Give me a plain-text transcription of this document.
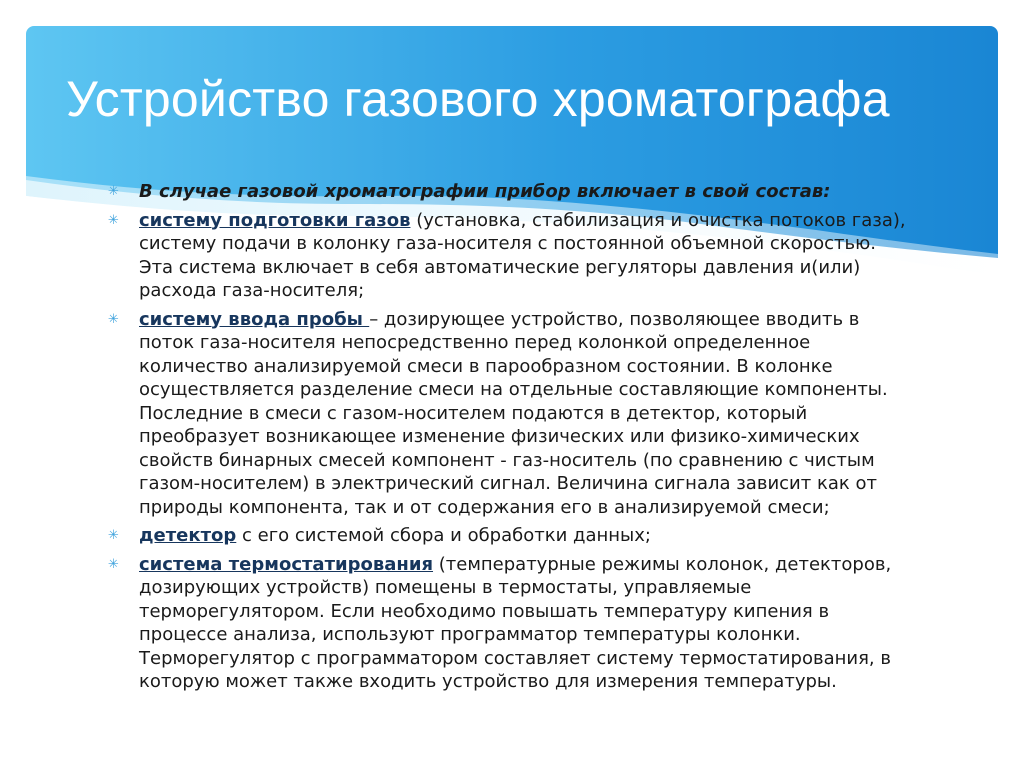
Устройство газового хроматографа
✳ В случае газовой хроматографии прибор включает в свой состав:
✳ систему подготовки газов (установка, стабилизация и очистка потоков газа), систему подачи в колонку газа-носителя с постоянной объемной скоростью. Эта система включает в себя автоматические регуляторы давления и(или) расхода газа-носителя;
✳ систему ввода пробы – дозирующее устройство, позволяющее вводить в поток газа-носителя непосредственно перед колонкой определенное количество анализируемой смеси в парообразном состоянии. В колонке осуществляется разделение смеси на отдельные составляющие компоненты. Последние в смеси с газом-носителем подаются в детектор, который преобразует возникающее изменение физических или физико-химических свойств бинарных смесей компонент - газ-носитель (по сравнению с чистым газом-носителем) в электрический сигнал. Величина сигнала зависит как от природы компонента, так и от содержания его в анализируемой смеси;
✳ детектор с его системой сбора и обработки данных;
✳ система термостатирования (температурные режимы колонок, детекторов, дозирующих устройств) помещены в термостаты, управляемые терморегулятором. Если необходимо повышать температуру кипения в процессе анализа, используют программатор температуры колонки. Терморегулятор с программатором составляет систему термостатирования, в которую может также входить устройство для измерения температуры.
